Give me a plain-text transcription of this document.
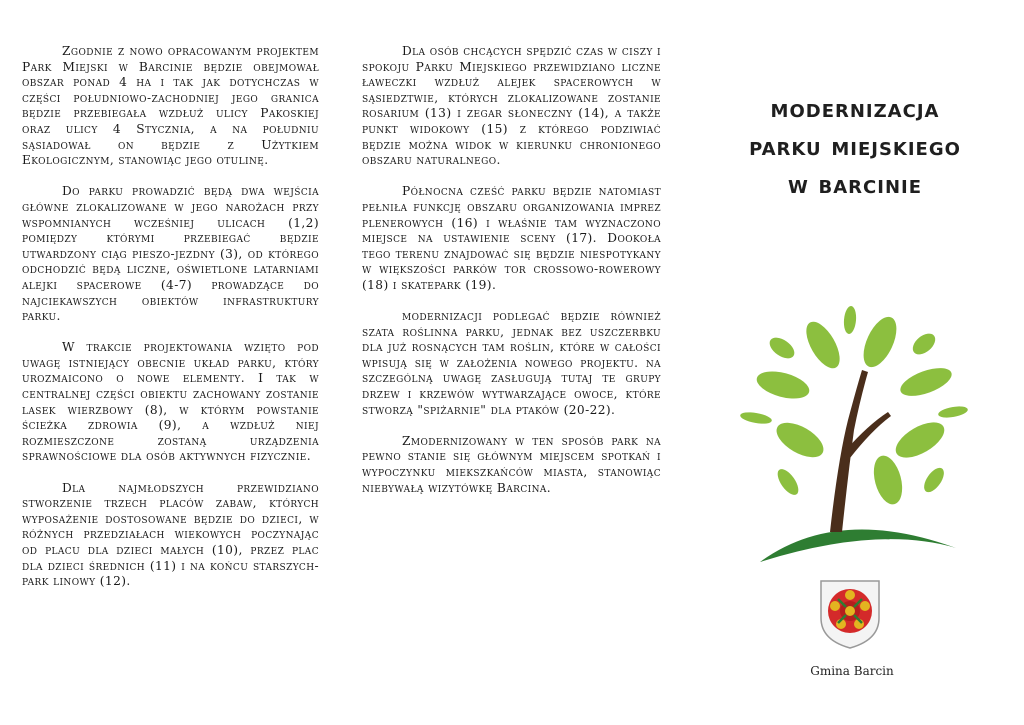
Zgodnie z nowo opracowanym projektem Park Miejski w Barcinie będzie obejmował obszar ponad 4 ha i tak jak dotychczas w części południowo-zachodniej jego granica będzie przebiegała wzdłuż ulicy Pakoskiej oraz ulicy 4 Stycznia, a na południu sąsiadował on będzie z Użytkiem Ekologicznym, stanowiąc jego otulinę.

Do parku prowadzić będą dwa wejścia główne zlokalizowane w jego narożach przy wspomnianych wcześniej ulicach (1,2) pomiędzy którymi przebiegać będzie utwardzony ciąg pieszo-jezdny (3), od którego odchodzić będą liczne, oświetlone latarniami alejki spacerowe (4-7) prowadzące do najciekawszych obiektów infrastruktury parku.

W trakcie projektowania wzięto pod uwagę istniejący obecnie układ parku, który urozmaicono o nowe elementy. I tak w centralnej części obiektu zachowany zostanie lasek wierzbowy (8), w którym powstanie ścieżka zdrowia (9), a wzdłuż niej rozmieszczone zostaną urządzenia sprawnościowe dla osób aktywnych fizycznie.

Dla najmłodszych przewidziano stworzenie trzech placów zabaw, których wyposażenie dostosowane będzie do dzieci, w różnych przedziałach wiekowych poczynając od placu dla dzieci małych (10), przez plac dla dzieci średnich (11) i na końcu starszych- park linowy (12).

Dla osób chcących spędzić czas w ciszy i spokoju Parku Miejskiego przewidziano liczne ławeczki wzdłuż alejek spacerowych w sąsiedztwie, których zlokalizowane zostanie rosarium (13) i zegar słoneczny (14), a także punkt widokowy (15) z którego podziwiać będzie można widok w kierunku chronionego obszaru naturalnego.

Północna cześć parku będzie natomiast pełniła funkcję obszaru organizowania imprez plenerowych (16) i właśnie tam wyznaczono miejsce na ustawienie sceny (17). Dookoła tego terenu znajdować się będzie niespotykany w większości parków tor crossowo-rowerowy (18) i skatepark (19).

modernizacji podlegać będzie również szata roślinna parku, jednak bez uszczerbku dla już rosnących tam roślin, które w całości wpisują się w założenia nowego projektu. na szczególną uwagę zasługują tutaj te grupy drzew i krzewów wytwarzające owoce, które stworzą "spiżarnie" dla ptaków (20-22).

Zmodernizowany w ten sposób park na pewno stanie się głównym miejscem spotkań i wypoczynku miekszkańców miasta, stanowiąc niebywałą wizytówkę Barcina.

modernizacja
parku miejskiego
w barcinie
Gmina Barcin
